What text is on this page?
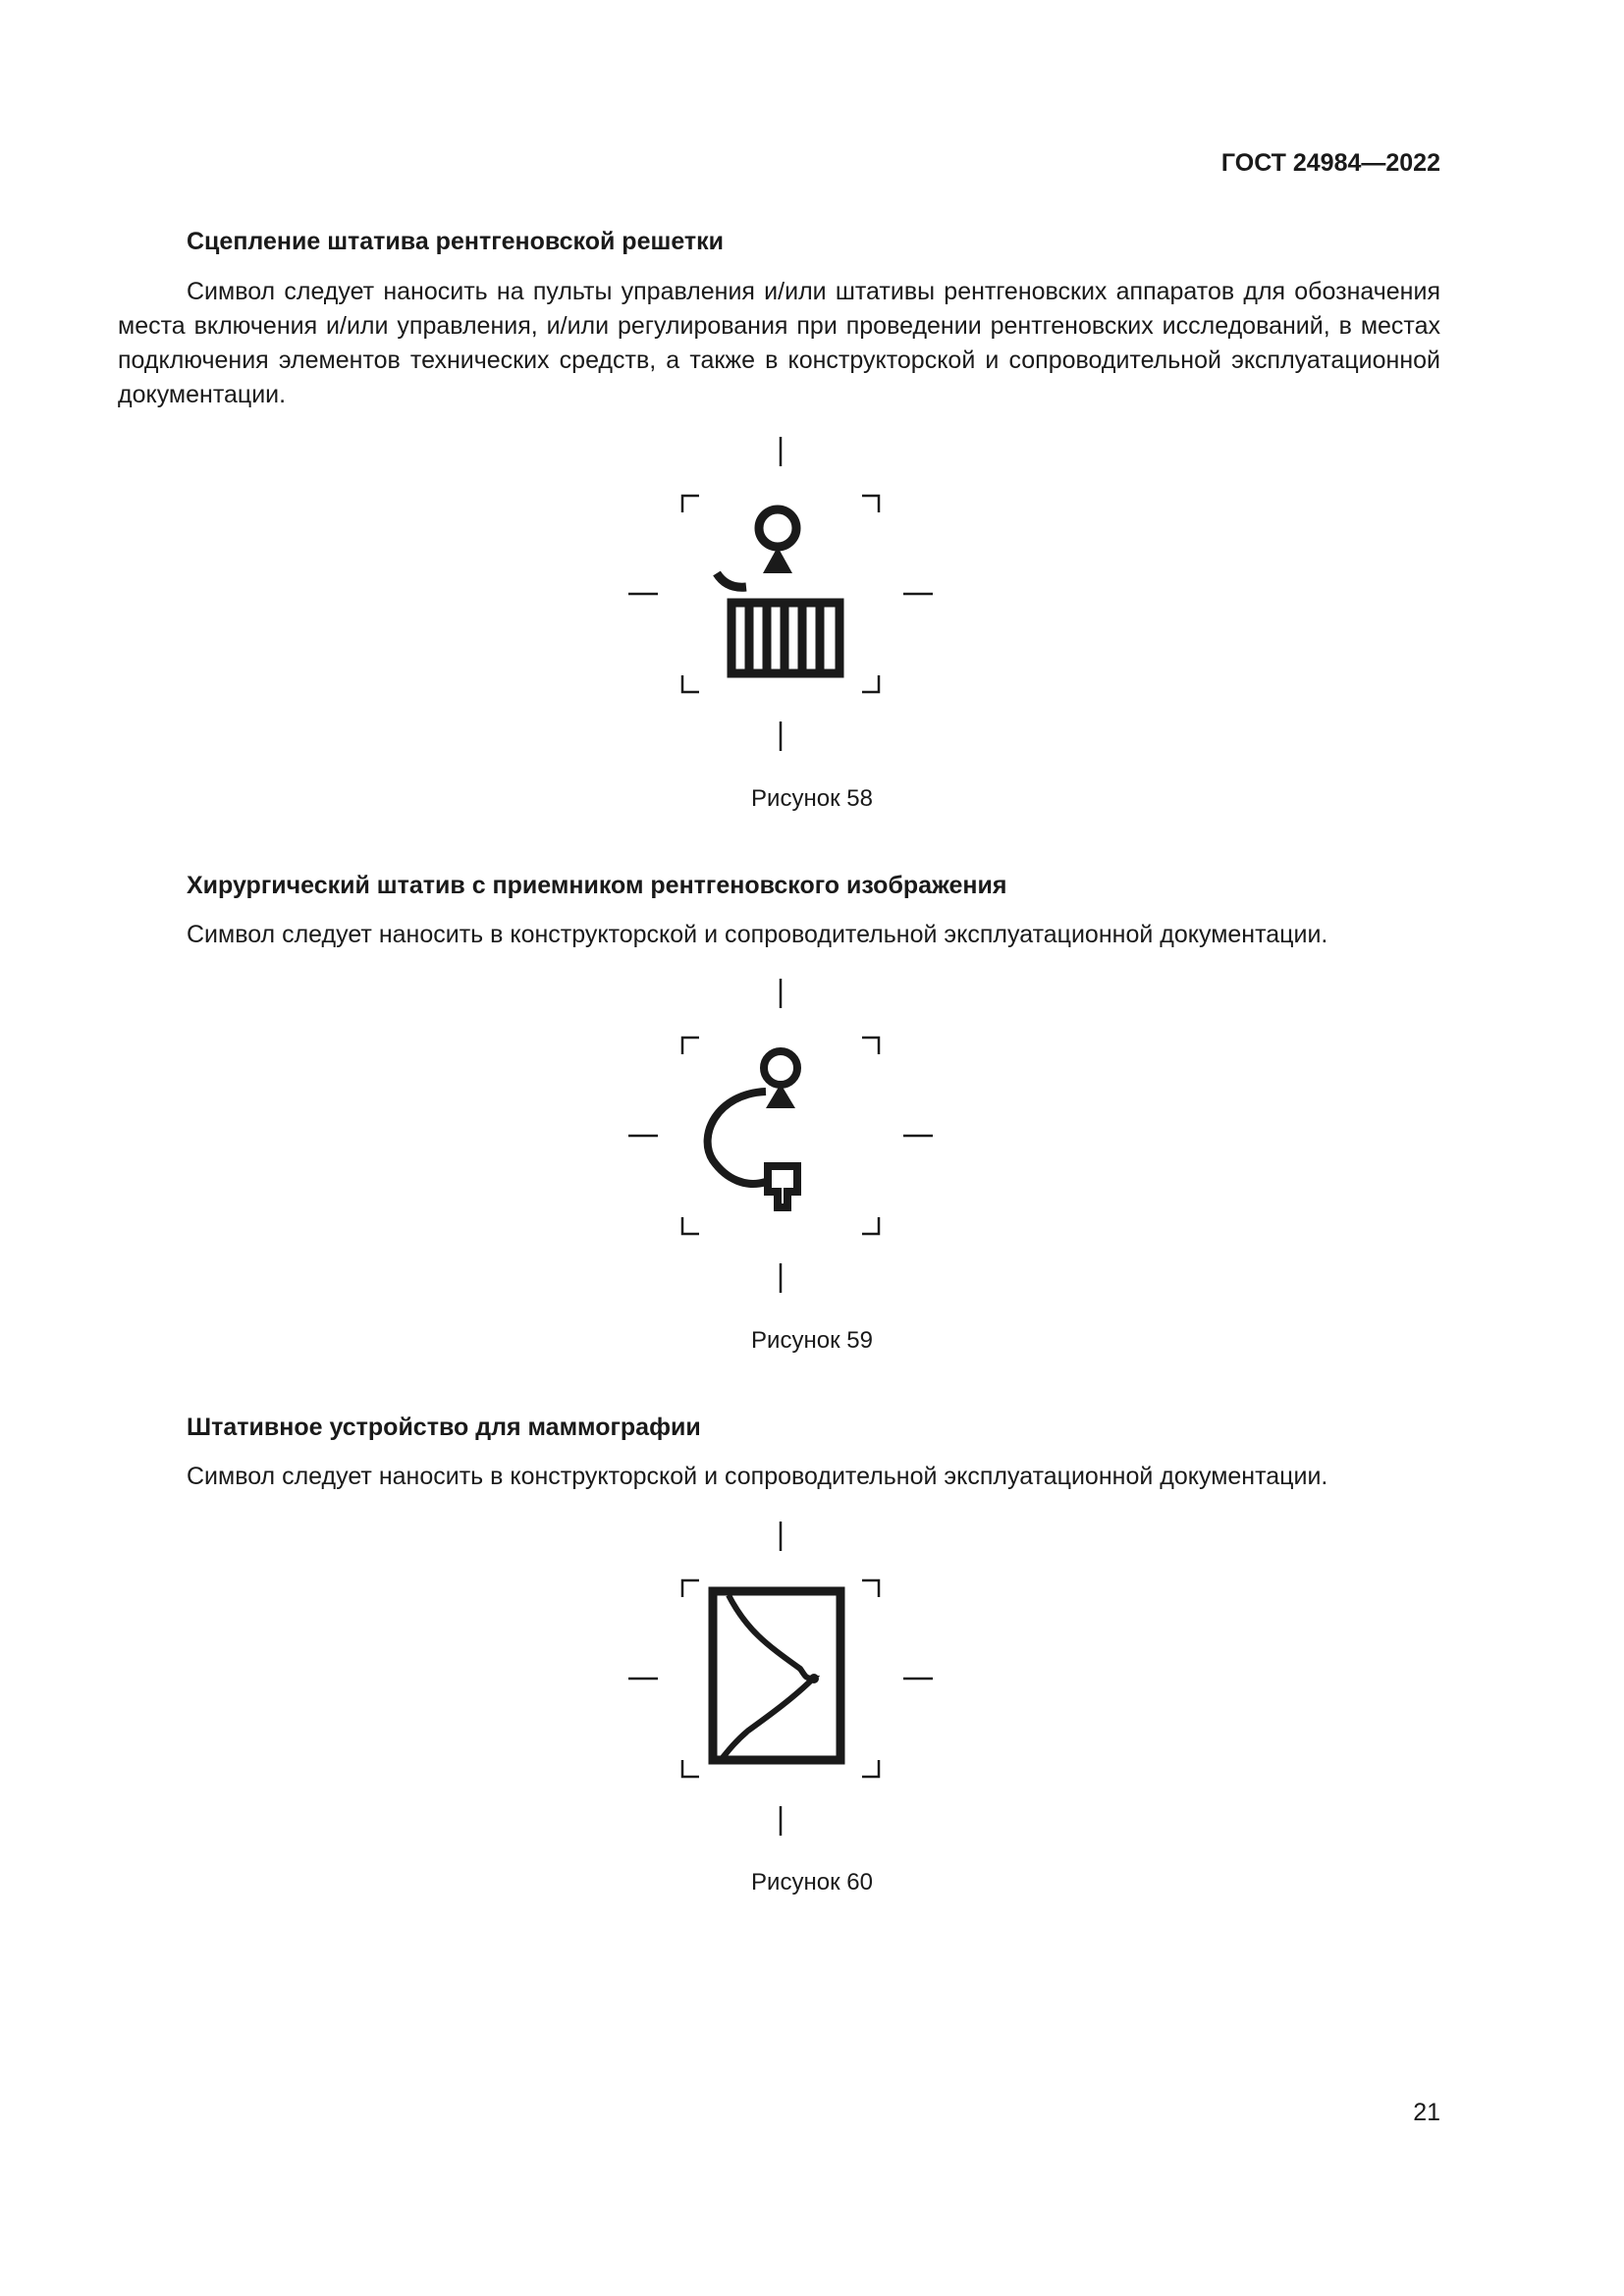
ГОСТ 24984—2022
Сцепление штатива рентгеновской решетки

Символ следует наносить на пульты управления и/или штативы рентгеновских аппаратов для обозначения места включения и/или управления, и/или регулирования при проведении рентгеновских исследований, в местах подключения элементов технических средств, а также в конструкторской и сопроводительной эксплуатационной документации.

Рисунок 58
Хирургический штатив с приемником рентгеновского изображения
Символ следует наносить в конструкторской и сопроводительной эксплуатационной документации.
Рисунок 59
Штативное устройство для маммографии
Символ следует наносить в конструкторской и сопроводительной эксплуатационной документации.
Рисунок 60
21
